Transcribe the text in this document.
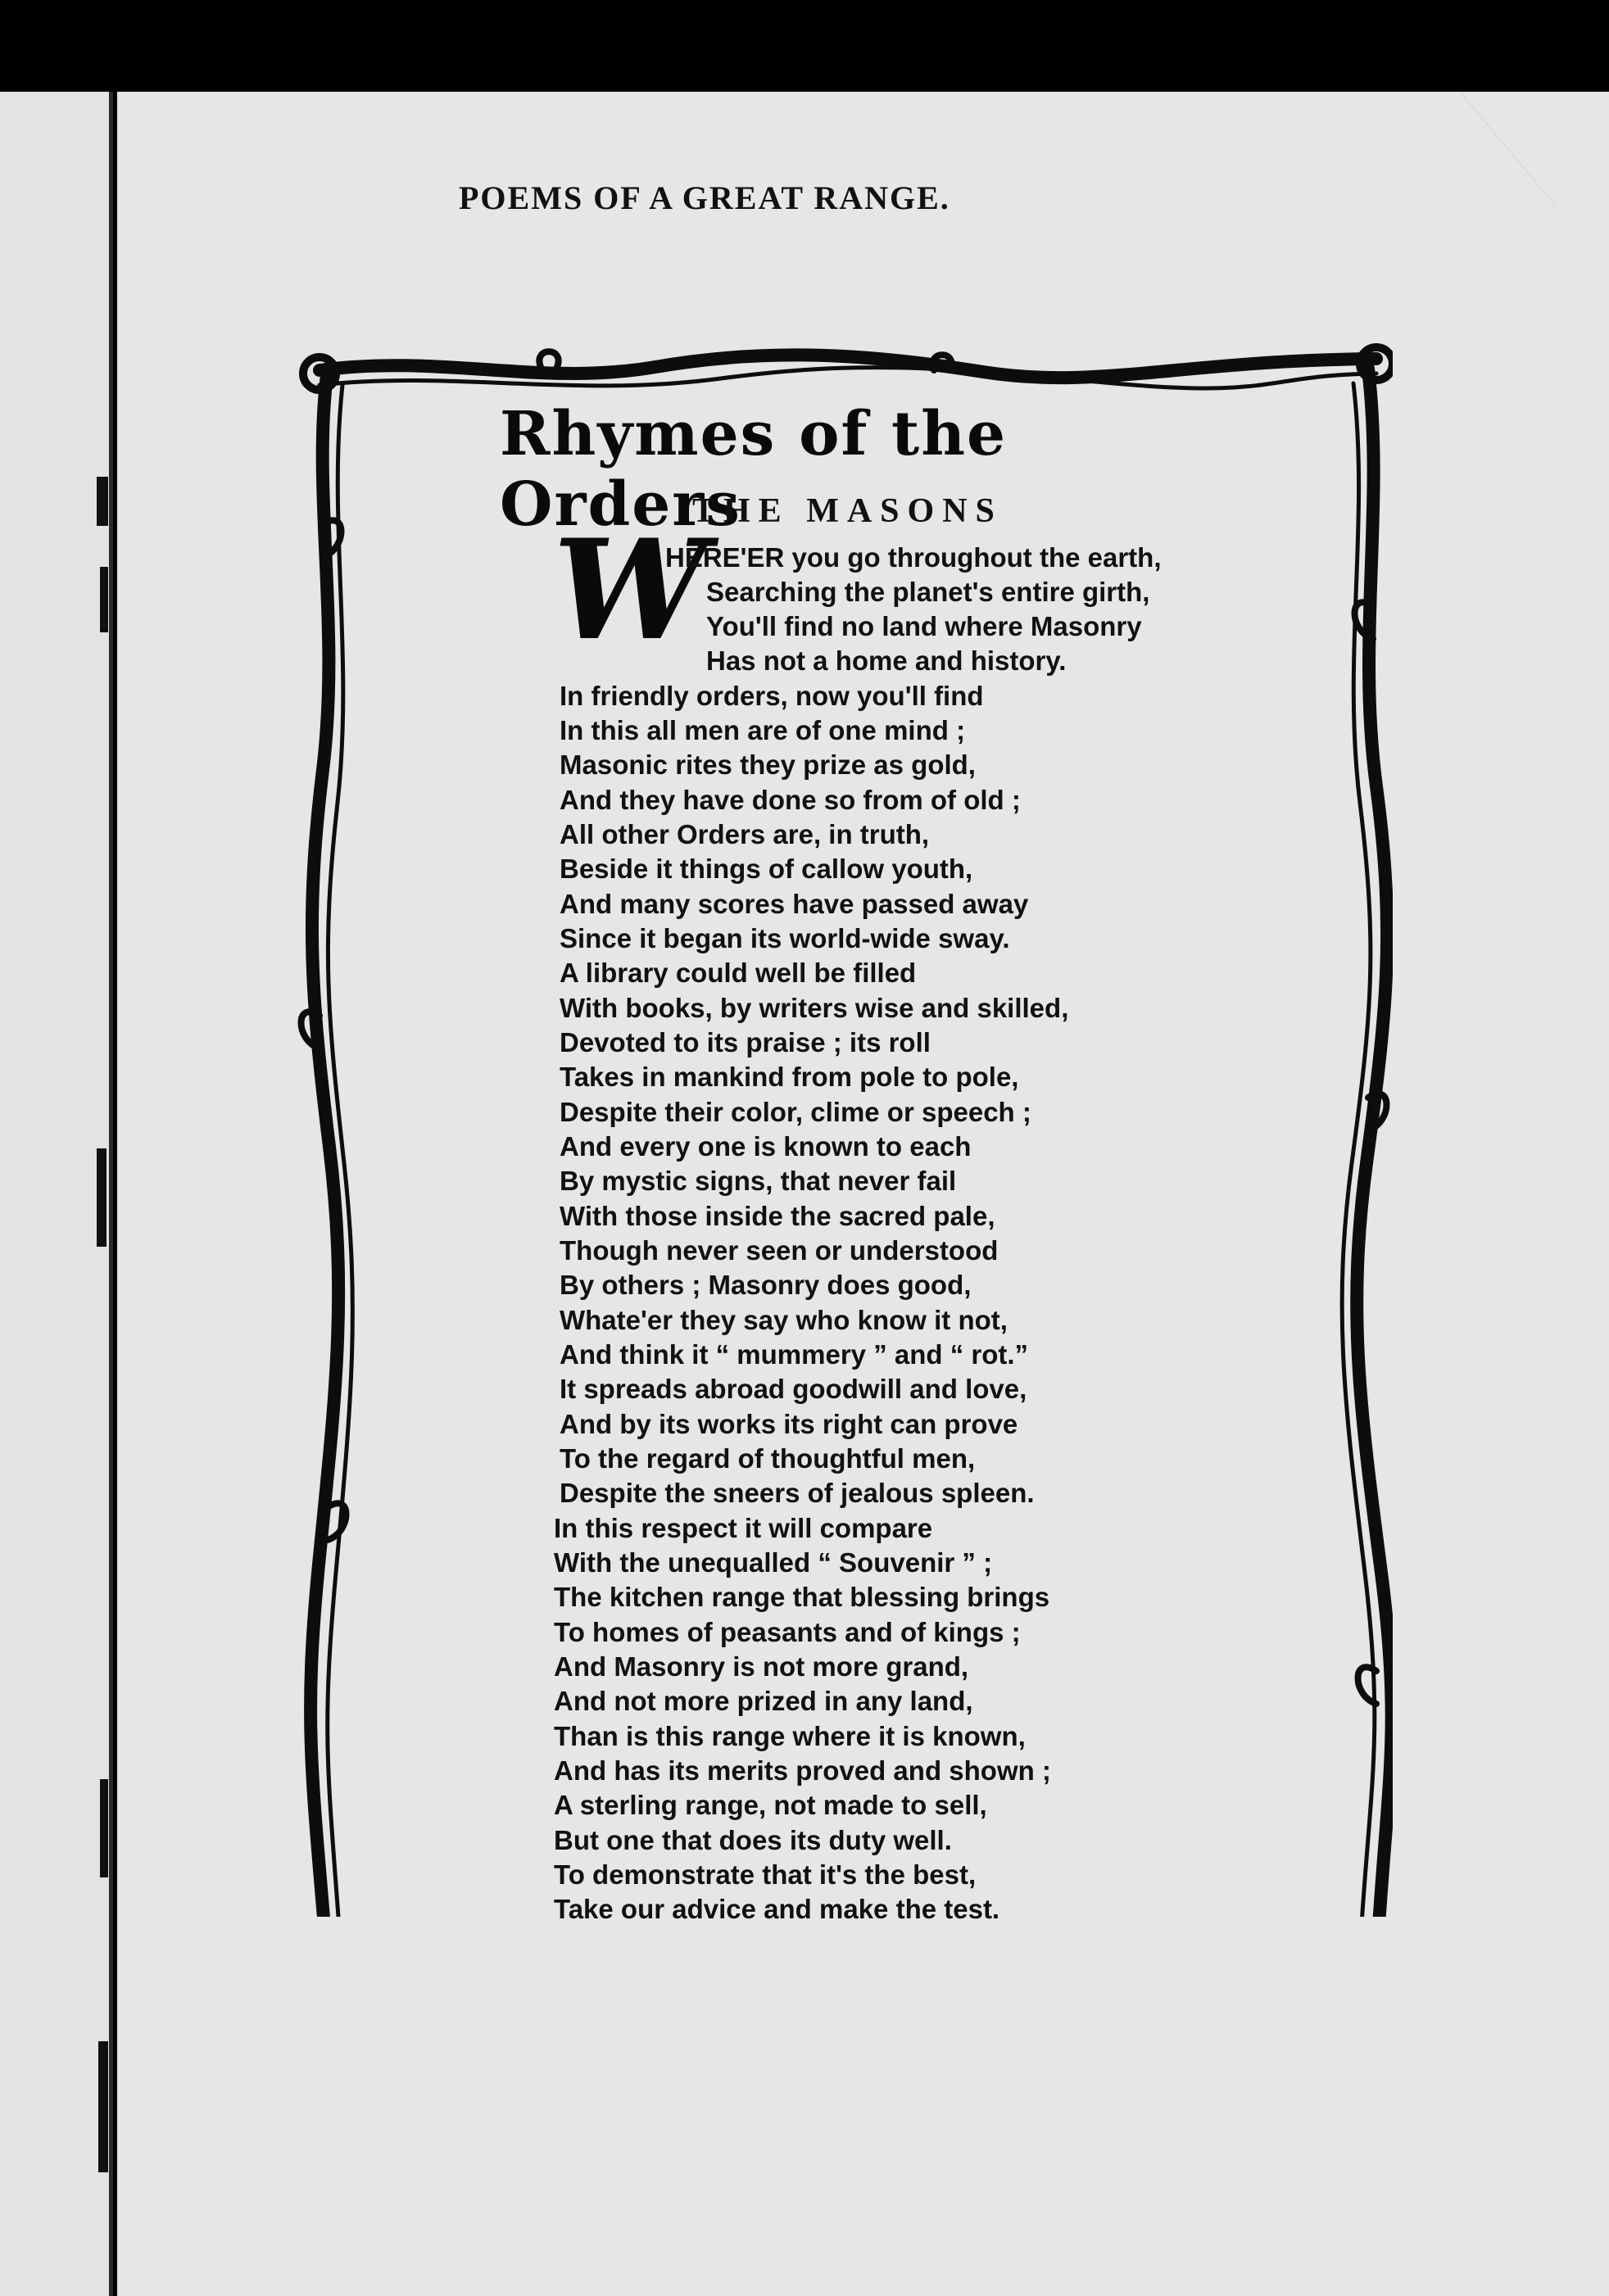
POEMS OF A GREAT RANGE.
Rhymes of the Orders
THE MASONS
W
HERE'ER you go throughout the earth,
Searching the planet's entire girth,
You'll find no land where Masonry
Has not a home and history.
In friendly orders, now you'll find
In this all men are of one mind ;
Masonic rites they prize as gold,
And they have done so from of old ;
All other Orders are, in truth,
Beside it things of callow youth,
And many scores have passed away
Since it began its world-wide sway.
A library could well be filled
With books, by writers wise and skilled,
Devoted to its praise ; its roll
Takes in mankind from pole to pole,
Despite their color, clime or speech ;
And every one is known to each
By mystic signs, that never fail
With those inside the sacred pale,
Though never seen or understood
By others ; Masonry does good,
Whate'er they say who know it not,
And think it “ mummery ” and “ rot.”
It spreads abroad goodwill and love,
And by its works its right can prove
To the regard of thoughtful men,
Despite the sneers of jealous spleen.
In this respect it will compare
With the unequalled “ Souvenir ” ;
The kitchen range that blessing brings
To homes of peasants and of kings ;
And Masonry is not more grand,
And not more prized in any land,
Than is this range where it is known,
And has its merits proved and shown ;
A sterling range, not made to sell,
But one that does its duty well.
To demonstrate that it's the best,
Take our advice and make the test.
